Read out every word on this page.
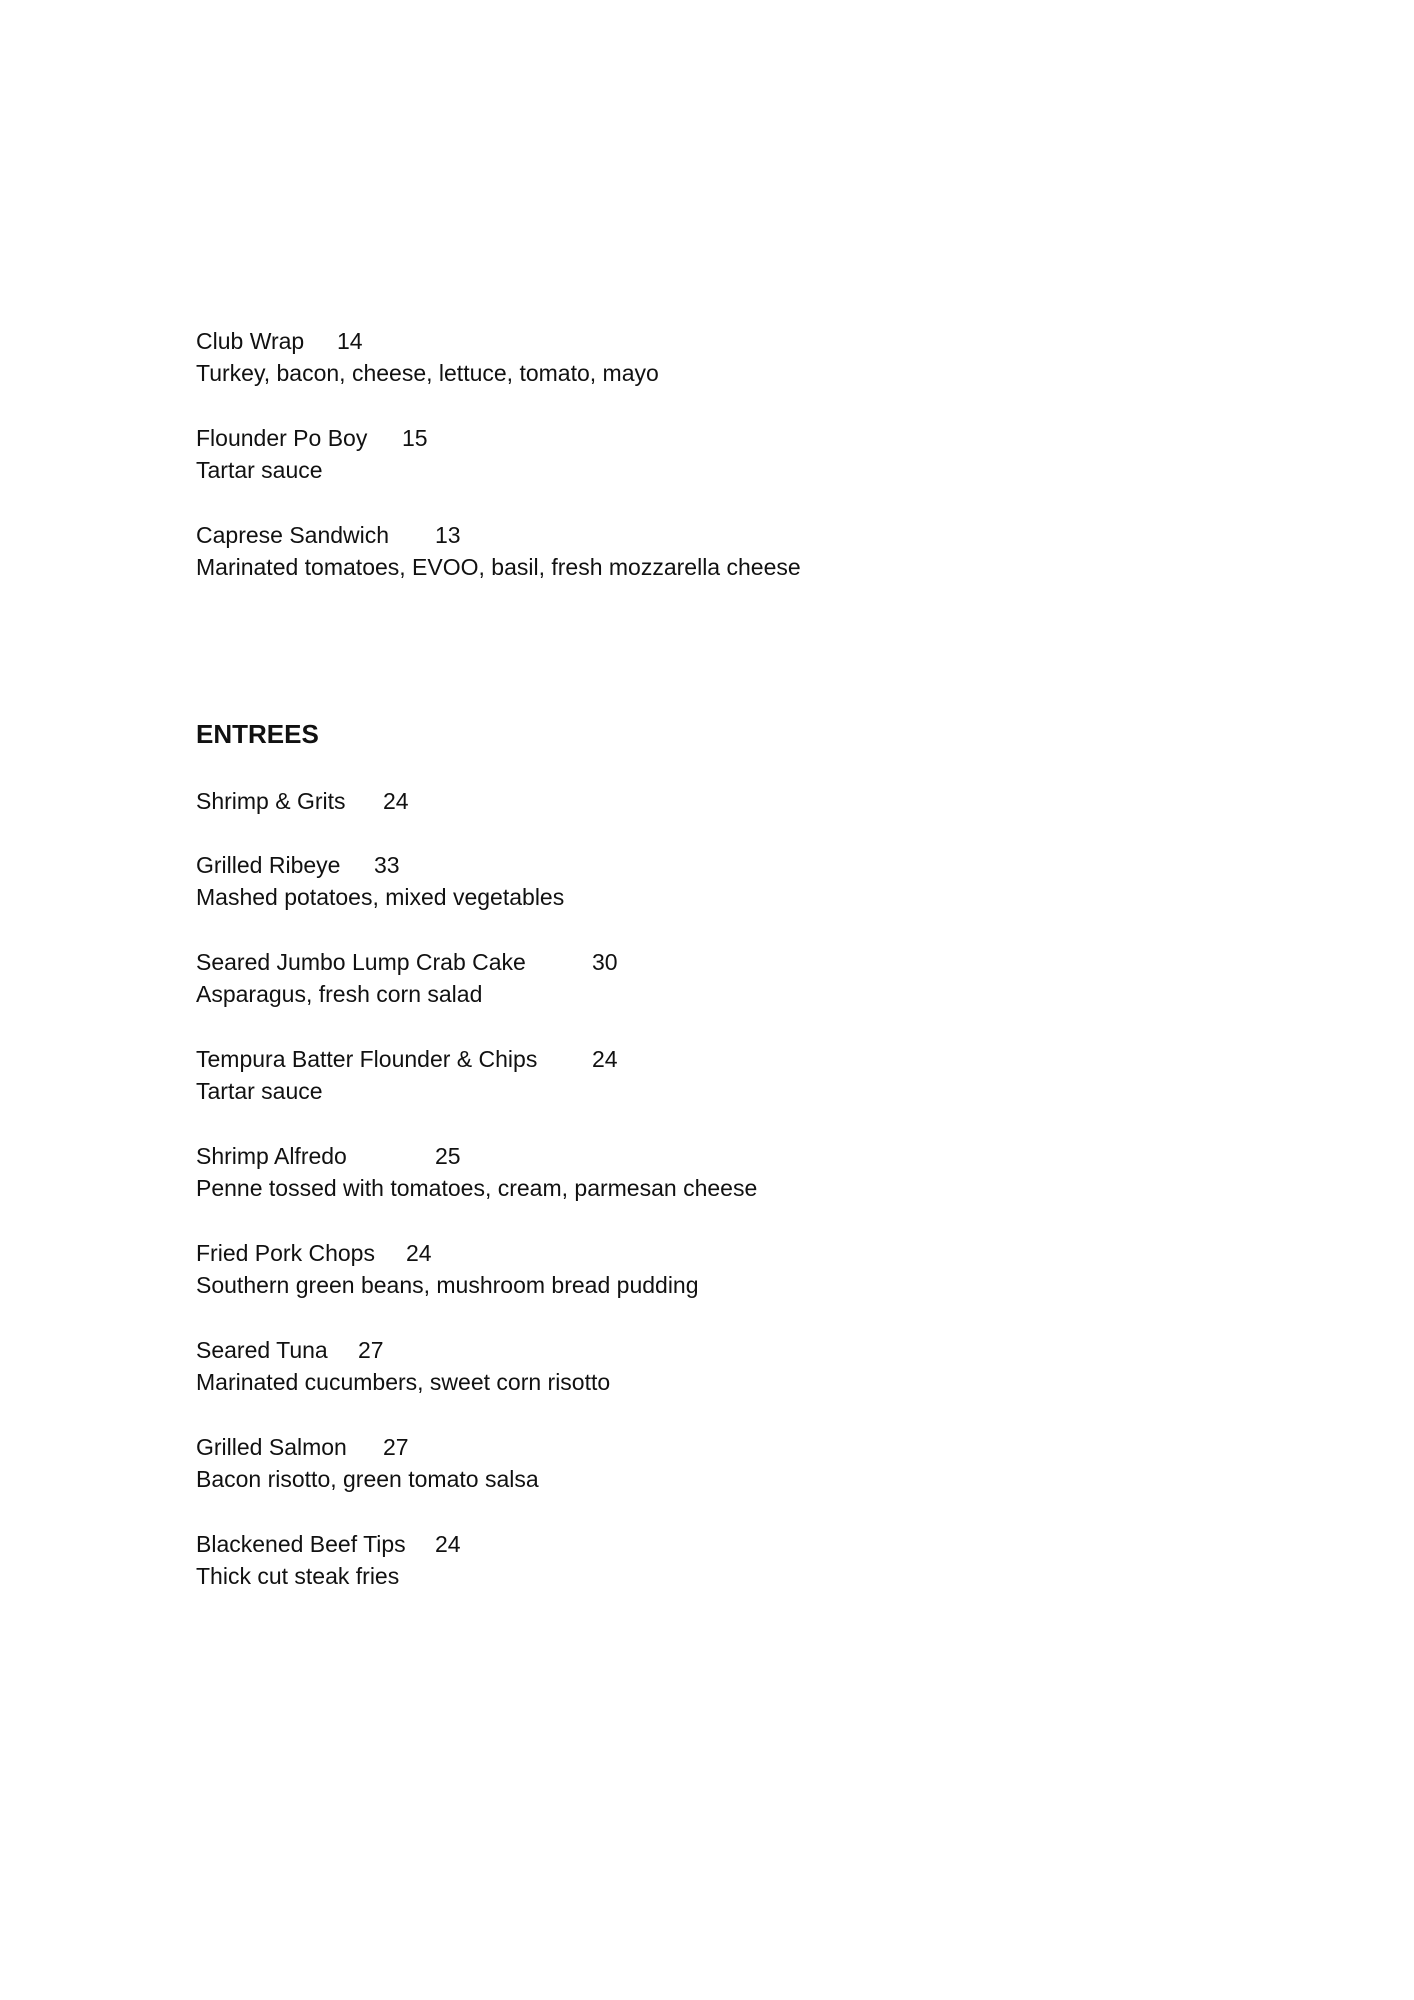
Club Wrap	14
Turkey, bacon, cheese, lettuce, tomato, mayo
Flounder Po Boy	15
Tartar sauce
Caprese Sandwich	13
Marinated tomatoes, EVOO, basil, fresh mozzarella cheese
ENTREES
Shrimp & Grits	24
Grilled Ribeye	33
Mashed potatoes, mixed vegetables
Seared Jumbo Lump Crab Cake	30
Asparagus, fresh corn salad
Tempura Batter Flounder & Chips	24
Tartar sauce
Shrimp Alfredo	25
Penne tossed with tomatoes, cream, parmesan cheese
Fried Pork Chops	24
Southern green beans, mushroom bread pudding
Seared Tuna	27
Marinated cucumbers, sweet corn risotto
Grilled Salmon	27
Bacon risotto, green tomato salsa
Blackened Beef Tips	24
Thick cut steak fries
